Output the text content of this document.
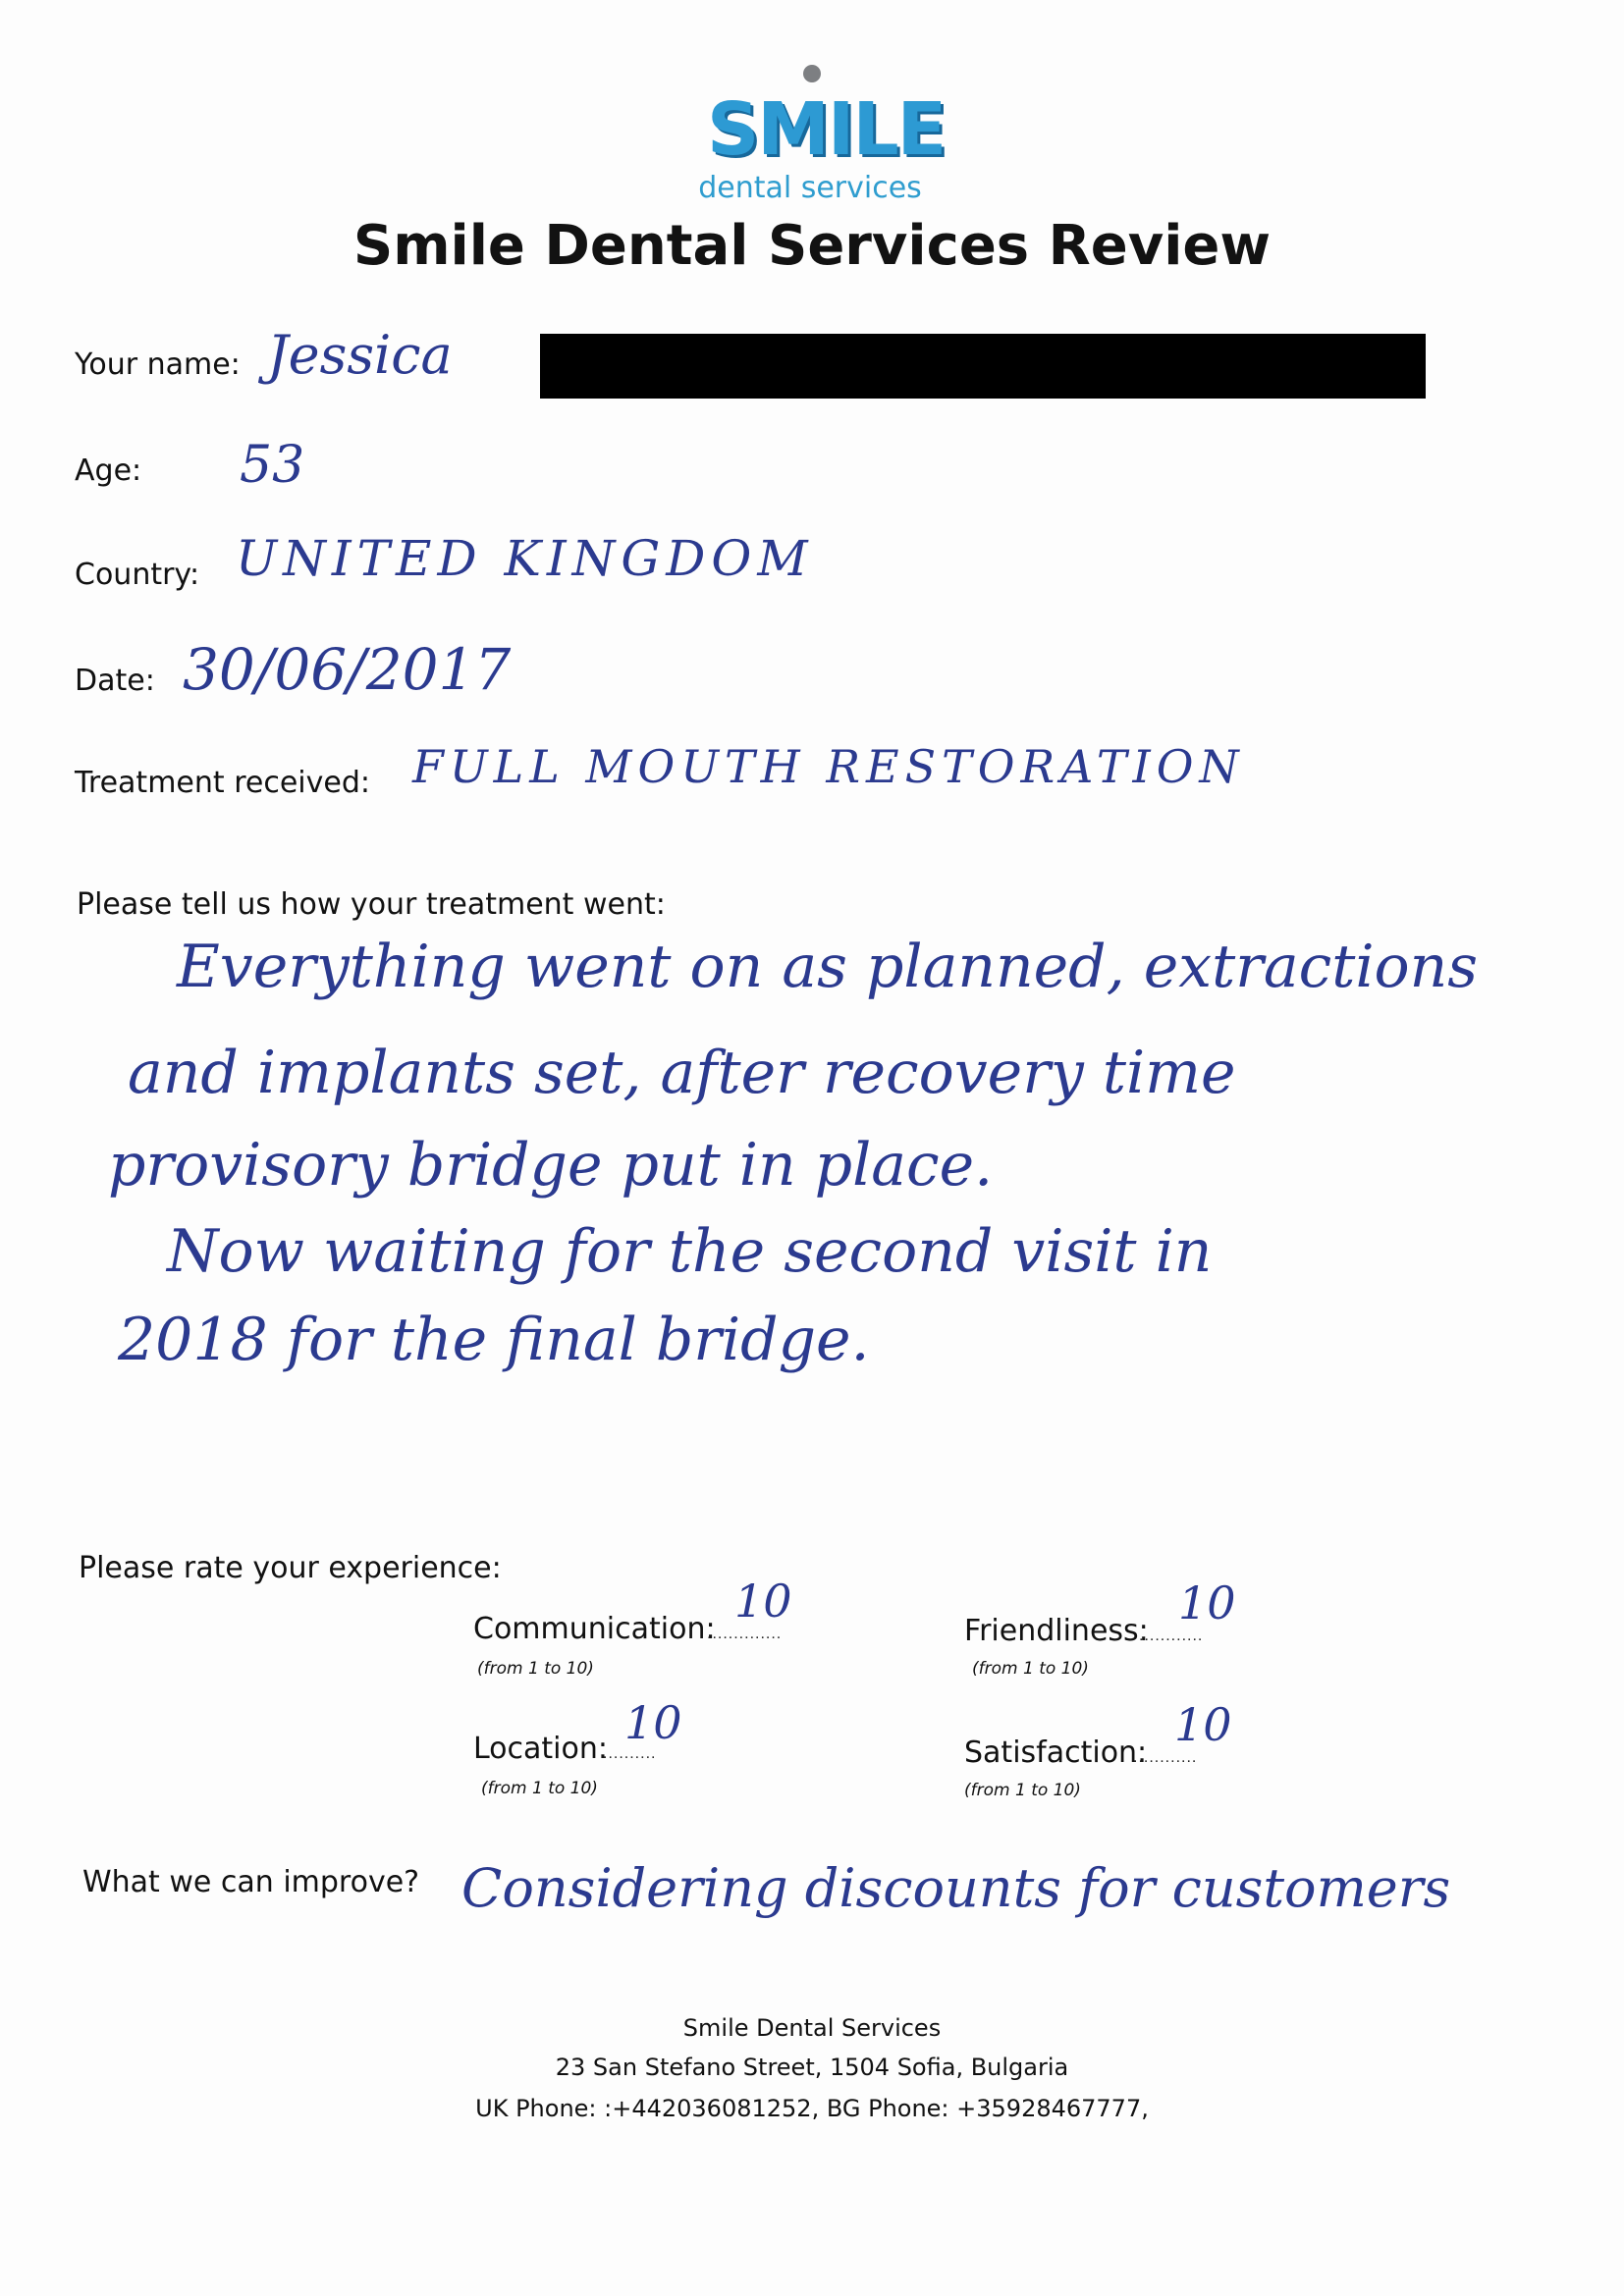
SMILE
dental services
Smile Dental Services Review
Your name: Jessica
Age: 53
Country: UNITED KINGDOM
Date: 30/06/2017
Treatment received: FULL MOUTH RESTORATION
Please tell us how your treatment went:
Everything went on as planned, extractions
and implants set, after recovery time
provisory bridge put in place.
Now waiting for the second visit in
2018 for the final bridge.
Please rate your experience:
Communication:
..............
10
(from 1 to 10)
Friendliness:
............
10
(from 1 to 10)
Location:
..........
10
(from 1 to 10)
Satisfaction:
............
10
(from 1 to 10)
What we can improve? Considering discounts for customers
Smile Dental Services
23 San Stefano Street, 1504 Sofia, Bulgaria
UK Phone: :+442036081252, BG Phone: +35928467777,
